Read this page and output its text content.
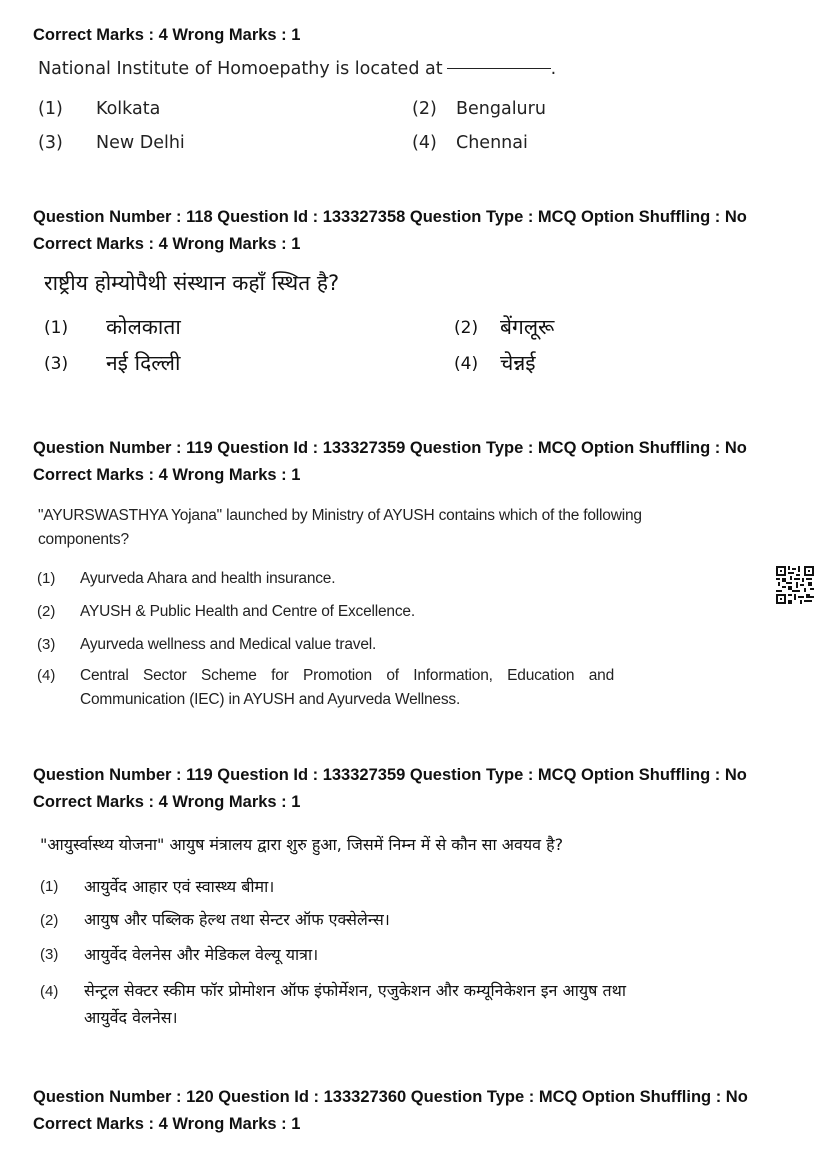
Correct Marks : 4 Wrong Marks : 1
National Institute of Homoepathy is located at	.
(1) Kolkata	(2) Bengaluru
(3) New Delhi	(4) Chennai
Question Number : 118 Question Id : 133327358 Question Type : MCQ Option Shuffling : No
Correct Marks : 4 Wrong Marks : 1
राष्ट्रीय होम्योपैथी संस्थान कहाँ स्थित है?
(1) कोलकाता	(2) बेंगलूरू
(3) नई दिल्ली	(4) चेन्नई
Question Number : 119 Question Id : 133327359 Question Type : MCQ Option Shuffling : No
Correct Marks : 4 Wrong Marks : 1
"AYURSWASTHYA Yojana" launched by Ministry of AYUSH contains which of the following
components?
(1) Ayurveda Ahara and health insurance.
(2) AYUSH & Public Health and Centre of Excellence.
(3) Ayurveda wellness and Medical value travel.
(4) Central Sector Scheme for Promotion of Information, Education and
Communication (IEC) in AYUSH and Ayurveda Wellness.
Question Number : 119 Question Id : 133327359 Question Type : MCQ Option Shuffling : No
Correct Marks : 4 Wrong Marks : 1
"आयुर्स्वास्थ्य योजना" आयुष मंत्रालय द्वारा शुरु हुआ, जिसमें निम्न में से कौन सा अवयव है?
(1) आयुर्वेद आहार एवं स्वास्थ्य बीमा।
(2) आयुष और पब्लिक हेल्थ तथा सेन्टर ऑफ एक्सेलेन्स।
(3) आयुर्वेद वेलनेस और मेडिकल वेल्यू यात्रा।
(4) सेन्ट्रल सेक्टर स्कीम फॉर प्रोमोशन ऑफ इंफोर्मेशन, एजुकेशन और कम्यूनिकेशन इन आयुष तथा
आयुर्वेद वेलनेस।
Question Number : 120 Question Id : 133327360 Question Type : MCQ Option Shuffling : No
Correct Marks : 4 Wrong Marks : 1
